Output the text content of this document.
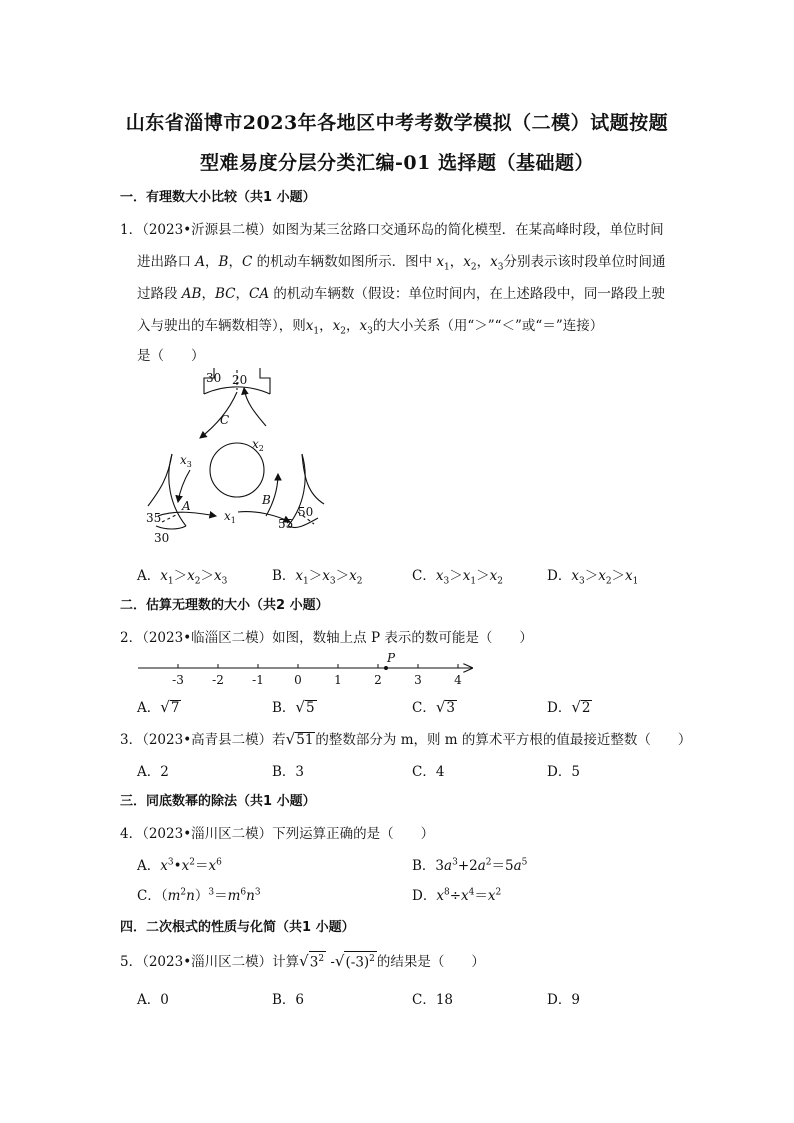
山东省淄博市2023年各地区中考考数学模拟（二模）试题按题
型难易度分层分类汇编-01 选择题（基础题）
一．有理数大小比较（共1 小题）
1．（2023•沂源县二模）如图为某三岔路口交通环岛的简化模型．在某高峰时段，单位时间
进出路口 A，B，C 的机动车辆数如图所示．图中 $x_1$，$x_2$，$x_3$分别表示该时段单位时间通
过路段 AB，BC，CA 的机动车辆数（假设：单位时间内，在上述路段中，同一路段上驶
入与驶出的车辆数相等），则$x_1$，$x_2$，$x_3$的大小关系（用“＞”“＜”或“＝”连接）
是（　　）
30 20
C
$x_2$
$x_3$
B
A
$x_1$
50
55
35
30
A．$x_1>x_2>x_3$	B．$x_1>x_3>x_2$	C．$x_3>x_1>x_2$	D．$x_3>x_2>x_1$
二．估算无理数的大小（共2 小题）
2．（2023•临淄区二模）如图，数轴上点 P 表示的数可能是（　　）
-3 -2 -1	0	1	2	3	4
P
A．√7	B．√5	C．√3	D．√2
3．（2023•高青县二模）若√51 的整数部分为 m，则 m 的算术平方根的值最接近整数（　　）
A．2	B．3	C．4	D．5
三．同底数幂的除法（共1 小题）
4．（2023•淄川区二模）下列运算正确的是（　　）
A．$x^3•x^2=x^6$	B．$3a^3+2a^2=5a^5$
C．$(m^2n)^3=m^6n^3$	D．$x^8\div x^4=x^2$
四．二次根式的性质与化简（共1 小题）
5．（2023•淄川区二模）计算$√3^2$ $-√(-3)^2$ 的结果是（　　）
A．0	B．6	C．18	D．9
